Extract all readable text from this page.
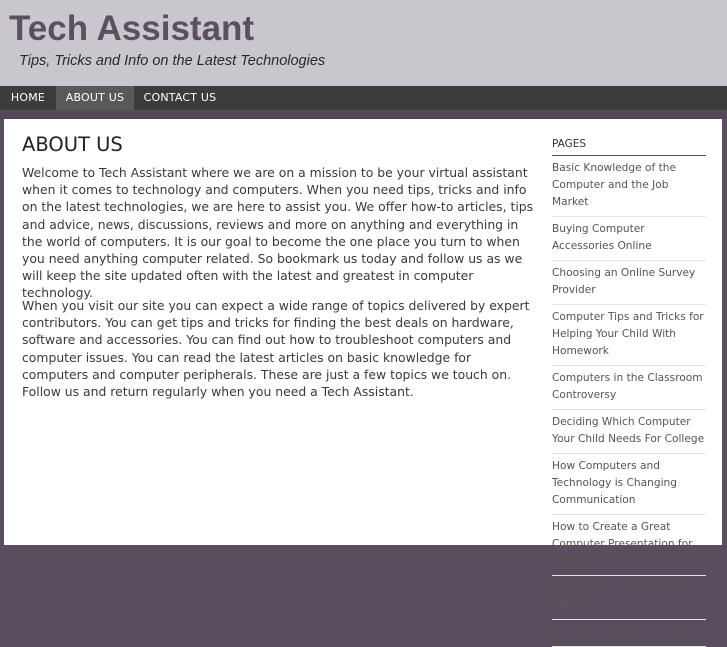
Tech Assistant
Tips, Tricks and Info on the Latest Technologies
HOME	ABOUT US	CONTACT US
ABOUT US

Welcome to Tech Assistant where we are on a mission to be your virtual assistant when it comes to technology and computers. When you need tips, tricks and info on the latest technologies, we are here to assist you. We offer how-to articles, tips and advice, news, discussions, reviews and more on anything and everything in the world of computers. It is our goal to become the one place you turn to when you need anything computer related. So bookmark us today and follow us as we will keep the site updated often with the latest and greatest in computer technology.

When you visit our site you can expect a wide range of topics delivered by expert contributors. You can get tips and tricks for finding the best deals on hardware, software and accessories. You can find out how to troubleshoot computers and computer issues. You can read the latest articles on basic knowledge for computers and computer peripherals. These are just a few topics we touch on. Follow us and return regularly when you need a Tech Assistant.

PAGES
Basic Knowledge of the Computer and the Job Market
Buying Computer Accessories Online
Choosing an Online Survey Provider
Computer Tips and Tricks for Helping Your Child With Homework
Computers in the Classroom Controversy
Deciding Which Computer Your Child Needs For College
How Computers and Technology is Changing Communication
How to Create a Great Computer Presentation for Work
Technology Made Just for Children
Tips and Tricks for a Great...
